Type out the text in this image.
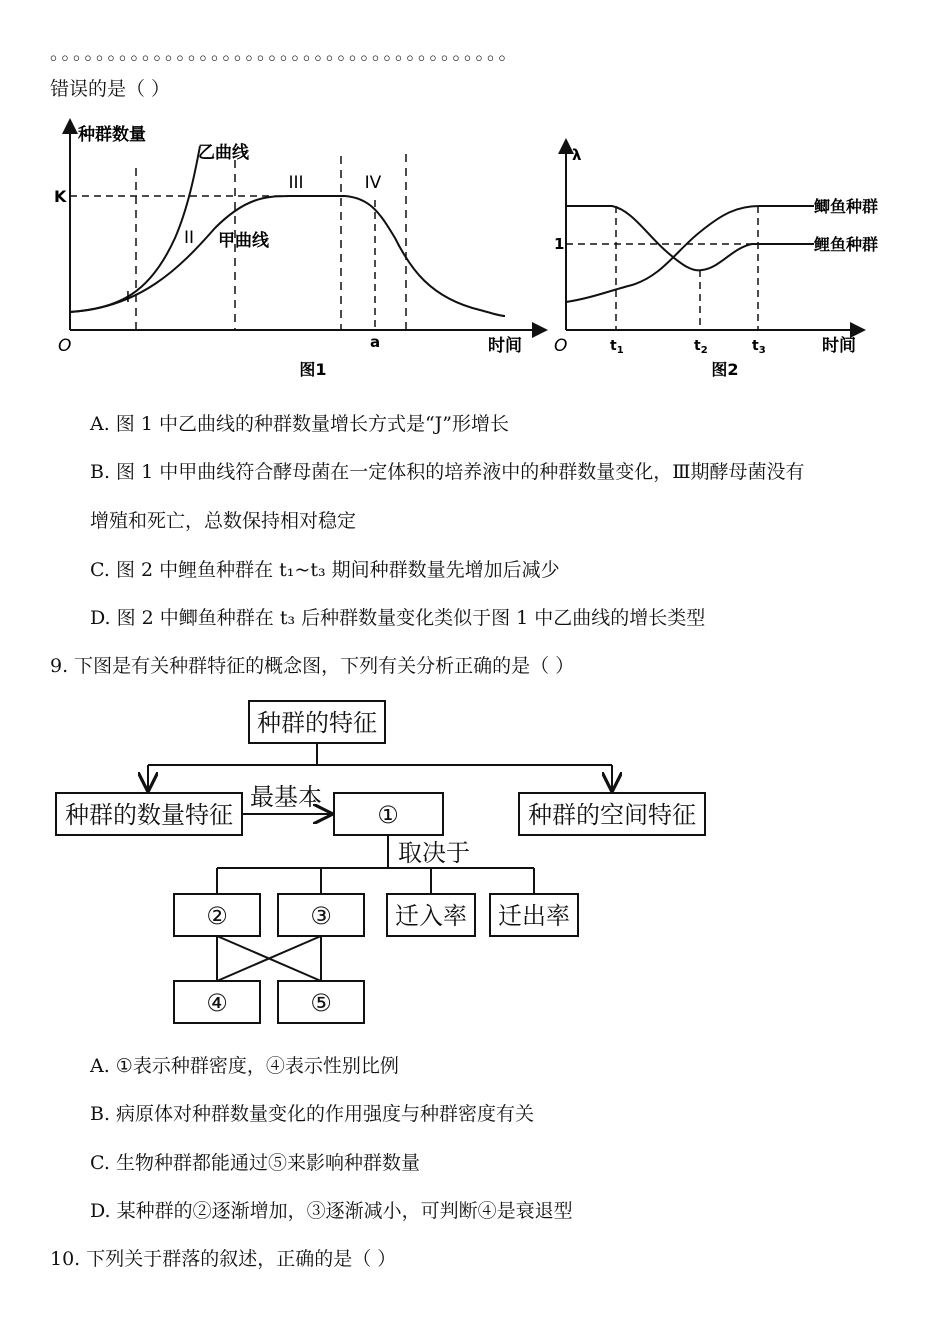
。。。。。。。。。。。。。。。。。。。。。。。。。。。。。。。。。。。。。。。。
错误的是（ ）
种群数量
K
乙曲线
甲曲线
I
II
III	IV
O	a	时间
图1
λ
1
鲫鱼种群
鲤鱼种群
O	$t_1$	$t_2$	$t_3$	时间
图2
A. 图 1 中乙曲线的种群数量增长方式是“J”形增长
B. 图 1 中甲曲线符合酵母菌在一定体积的培养液中的种群数量变化，Ⅲ期酵母菌没有
增殖和死亡，总数保持相对稳定
C. 图 2 中鲤鱼种群在 t₁~t₃ 期间种群数量先增加后减少
D. 图 2 中鲫鱼种群在 t₃ 后种群数量变化类似于图 1 中乙曲线的增长类型
9. 下图是有关种群特征的概念图，下列有关分析正确的是（ ）
种群的特征
种群的数量特征	①	种群的空间特征
最基本
取决于
②	③	迁入率 迁出率
④	⑤
A. ①表示种群密度，④表示性别比例
B. 病原体对种群数量变化的作用强度与种群密度有关
C. 生物种群都能通过⑤来影响种群数量
D. 某种群的②逐渐增加，③逐渐减小，可判断④是衰退型
10. 下列关于群落的叙述，正确的是（ ）
